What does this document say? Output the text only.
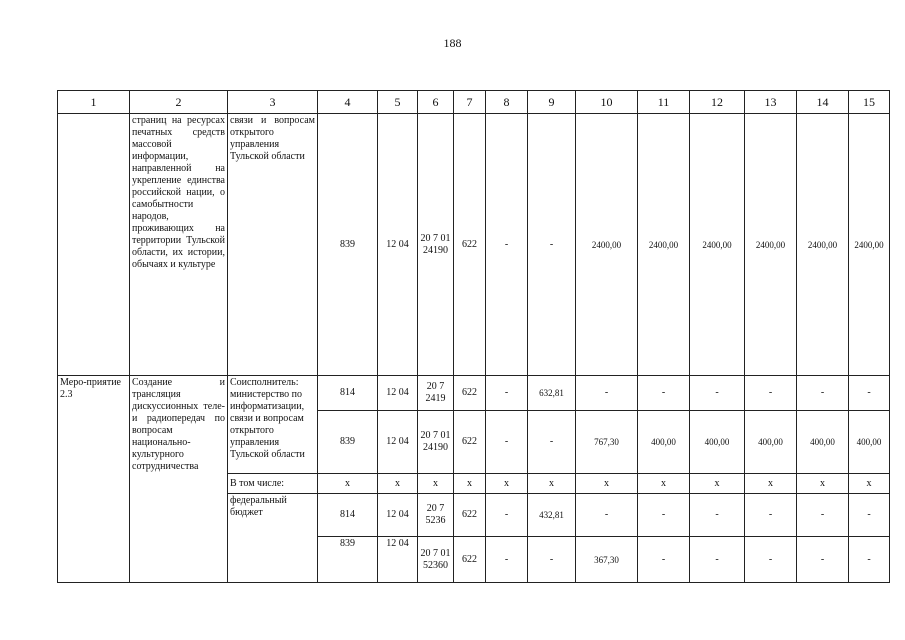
188
1	2	3	4	5	6	7	8	9	10	11	12	13	14	15
	страниц на ресурсах печатных средств массовой информации, направленной на укрепление единства российской нации, о самобытности народов, проживающих на территории Тульской области, их истории, обычаях и культуре	связи и вопросам открытого управления Тульской области	839	12 04	20 7 01 24190	622	-	-	2400,00	2400,00	2400,00	2400,00	2400,00	2400,00
Меро-приятие 2.3	Создание и трансляция дискуссионных теле- и радиопередач по вопросам национально-культурного сотрудничества	Соисполнитель: министерство по информатизации, связи и вопросам открытого управления Тульской области	814	12 04	20 7 2419	622	-	632,81	-	-	-	-	-	-
			839	12 04	20 7 01 24190	622	-	-	767,30	400,00	400,00	400,00	400,00	400,00
		В том числе:	x	x	x	x	x	x	x	x	x	x	x	x
		федеральный бюджет	814	12 04	20 7 5236	622	-	432,81	-	-	-	-	-	-
			839	12 04	20 7 01 52360	622	-	-	367,30	-	-	-	-	-
